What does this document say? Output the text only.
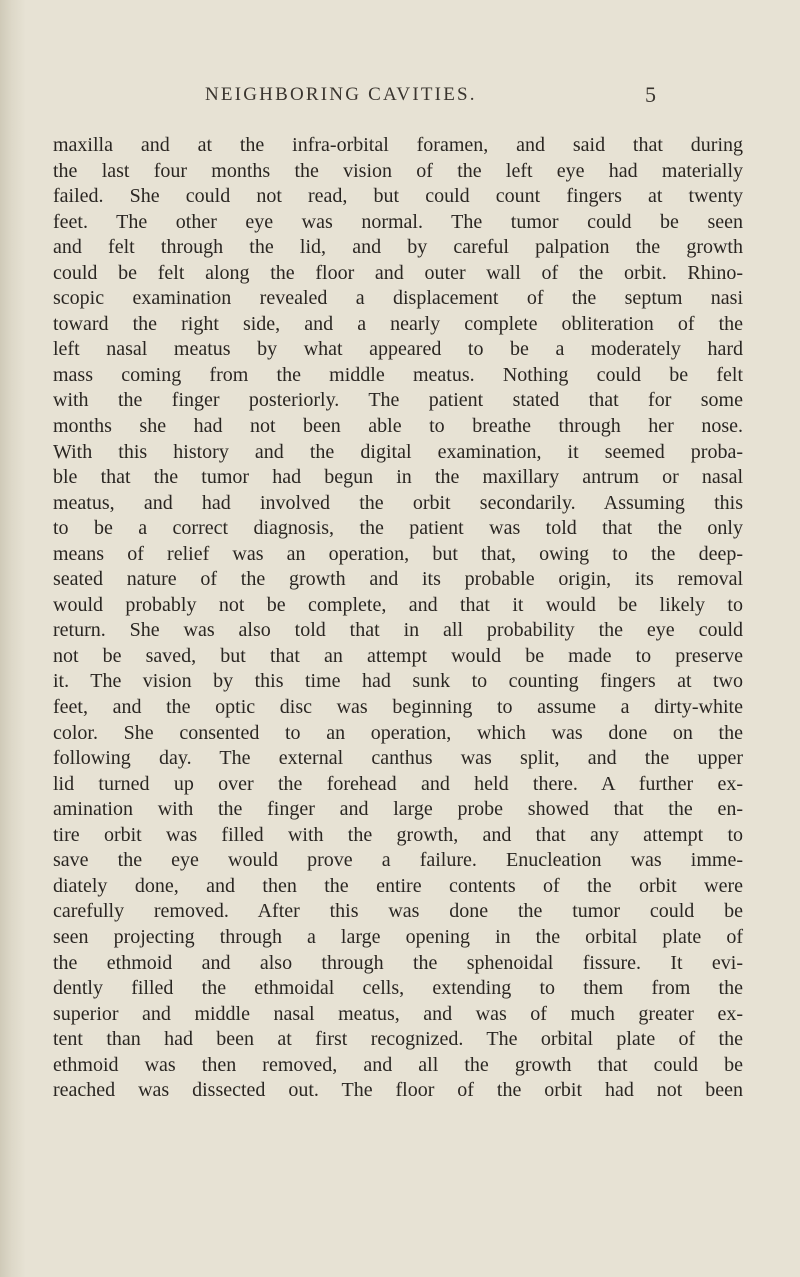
NEIGHBORING CAVITIES.	5
maxilla and at the infra-orbital foramen, and said that during
the last four months the vision of the left eye had materially
failed. She could not read, but could count fingers at twenty
feet. The other eye was normal. The tumor could be seen
and felt through the lid, and by careful palpation the growth
could be felt along the floor and outer wall of the orbit. Rhino-
scopic examination revealed a displacement of the septum nasi
toward the right side, and a nearly complete obliteration of the
left nasal meatus by what appeared to be a moderately hard
mass coming from the middle meatus. Nothing could be felt
with the finger posteriorly. The patient stated that for some
months she had not been able to breathe through her nose.
With this history and the digital examination, it seemed proba-
ble that the tumor had begun in the maxillary antrum or nasal
meatus, and had involved the orbit secondarily. Assuming this
to be a correct diagnosis, the patient was told that the only
means of relief was an operation, but that, owing to the deep-
seated nature of the growth and its probable origin, its removal
would probably not be complete, and that it would be likely to
return. She was also told that in all probability the eye could
not be saved, but that an attempt would be made to preserve
it. The vision by this time had sunk to counting fingers at two
feet, and the optic disc was beginning to assume a dirty-white
color. She consented to an operation, which was done on the
following day. The external canthus was split, and the upper
lid turned up over the forehead and held there. A further ex-
amination with the finger and large probe showed that the en-
tire orbit was filled with the growth, and that any attempt to
save the eye would prove a failure. Enucleation was imme-
diately done, and then the entire contents of the orbit were
carefully removed. After this was done the tumor could be
seen projecting through a large opening in the orbital plate of
the ethmoid and also through the sphenoidal fissure. It evi-
dently filled the ethmoidal cells, extending to them from the
superior and middle nasal meatus, and was of much greater ex-
tent than had been at first recognized. The orbital plate of the
ethmoid was then removed, and all the growth that could be
reached was dissected out. The floor of the orbit had not been
